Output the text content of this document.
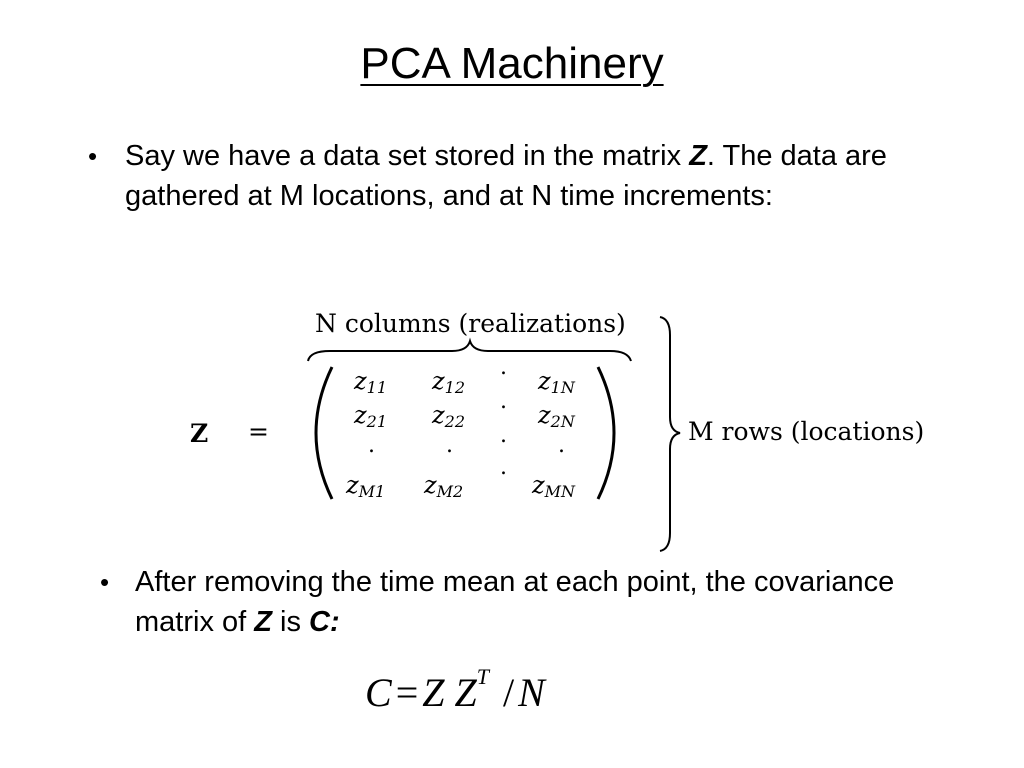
PCA Machinery
• Say we have a data set stored in the matrix Z. The data are gathered at M locations, and at N time increments:
N columns (realizations)
Z =	M rows (locations)
$z_{11}$ $z_{12}$	$z_{1N}$
$z_{21}$ $z_{22}$	$z_{2N}$
.
.
.
.
.	.	.
$z_{M1}$ $z_{M2}$	$z_{MN}$
• After removing the time mean at each point, the covariance matrix of Z is C:
C = Z $Z^T$ / N
